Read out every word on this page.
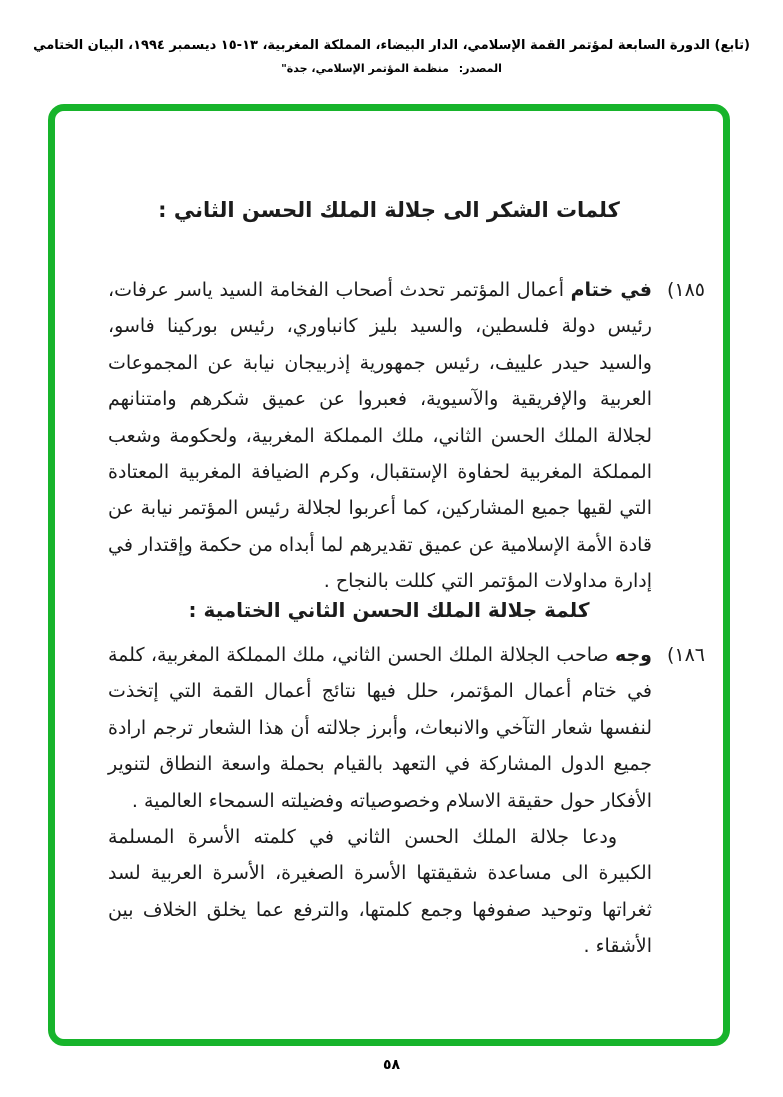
(تابع) الدورة السابعة لمؤتمر القمة الإسلامي، الدار البيضاء، المملكة المغربية، ١٣-١٥ ديسمبر ١٩٩٤، البيان الختامي
المصدر: منظمة المؤتمر الإسلامي، جدة"
كلمات الشكر الى جلالة الملك الحسن الثاني :
١٨٥)
في ختام أعمال المؤتمر تحدث أصحاب الفخامة السيد ياسر عرفات، رئيس دولة فلسطين، والسيد بليز كانباوري، رئيس بوركينا فاسو، والسيد حيدر علييف، رئيس جمهورية إذربيجان نيابة عن المجموعات العربية والإفريقية والآسيوية، فعبروا عن عميق شكرهم وامتنانهم لجلالة الملك الحسن الثاني، ملك المملكة المغربية، ولحكومة وشعب المملكة المغربية لحفاوة الإستقبال، وكرم الضيافة المغربية المعتادة التي لقيها جميع المشاركين، كما أعربوا لجلالة رئيس المؤتمر نيابة عن قادة الأمة الإسلامية عن عميق تقديرهم لما أبداه من حكمة وإقتدار في إدارة مداولات المؤتمر التي كللت بالنجاح .
كلمة جلالة الملك الحسن الثاني الختامية :
١٨٦)
وجه صاحب الجلالة الملك الحسن الثاني، ملك المملكة المغربية، كلمة في ختام أعمال المؤتمر، حلل فيها نتائج أعمال القمة التي إتخذت لنفسها شعار التآخي والانبعاث، وأبرز جلالته أن هذا الشعار ترجم ارادة جميع الدول المشاركة في التعهد بالقيام بحملة واسعة النطاق لتنوير الأفكار حول حقيقة الاسلام وخصوصياته وفضيلته السمحاء العالمية .
ودعا جلالة الملك الحسن الثاني في كلمته الأسرة المسلمة الكبيرة الى مساعدة شقيقتها الأسرة الصغيرة، الأسرة العربية لسد ثغراتها وتوحيد صفوفها وجمع كلمتها، والترفع عما يخلق الخلاف بين الأشقاء .
٥٨
